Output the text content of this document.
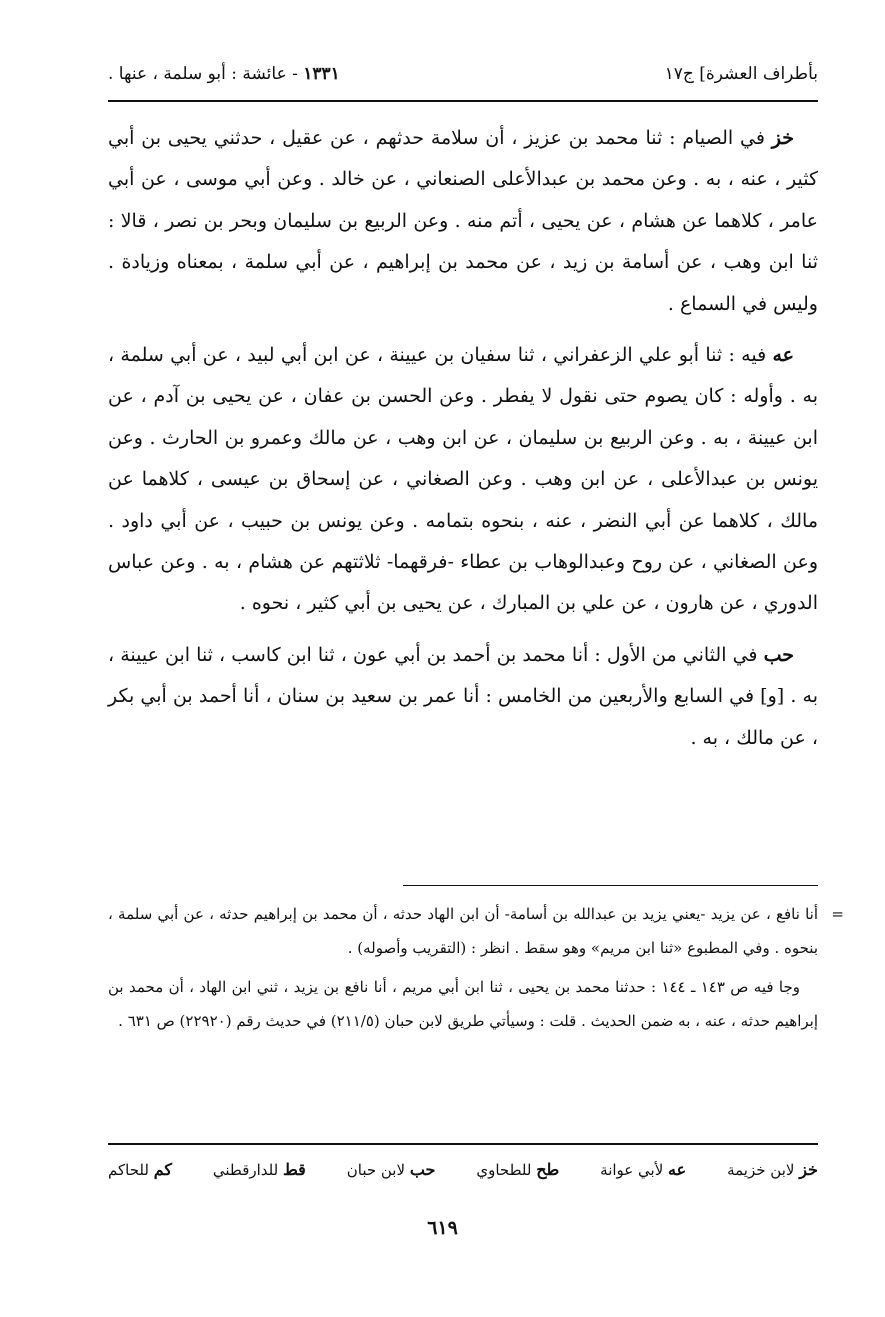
بأطراف العشرة] ج١٧
١٣٣١ - عائشة : أبو سلمة ، عنها .

خز في الصيام : ثنا محمد بن عزيز ، أن سلامة حدثهم ، عن عقيل ، حدثني يحيى بن أبي كثير ، عنه ، به . وعن محمد بن عبدالأعلى الصنعاني ، عن خالد . وعن أبي موسى ، عن أبي عامر ، كلاهما عن هشام ، عن يحيى ، أتم منه . وعن الربيع بن سليمان وبحر بن نصر ، قالا : ثنا ابن وهب ، عن أسامة بن زيد ، عن محمد بن إبراهيم ، عن أبي سلمة ، بمعناه وزيادة . وليس في السماع .

عه فيه : ثنا أبو علي الزعفراني ، ثنا سفيان بن عيينة ، عن ابن أبي لبيد ، عن أبي سلمة ، به . وأوله : كان يصوم حتى نقول لا يفطر . وعن الحسن بن عفان ، عن يحيى بن آدم ، عن ابن عيينة ، به . وعن الربيع بن سليمان ، عن ابن وهب ، عن مالك وعمرو بن الحارث . وعن يونس بن عبدالأعلى ، عن ابن وهب . وعن الصغاني ، عن إسحاق بن عيسى ، كلاهما عن مالك ، كلاهما عن أبي النضر ، عنه ، بنحوه بتمامه . وعن يونس بن حبيب ، عن أبي داود . وعن الصغاني ، عن روح وعبدالوهاب بن عطاء -فرقهما- ثلاثتهم عن هشام ، به . وعن عباس الدوري ، عن هارون ، عن علي بن المبارك ، عن يحيى بن أبي كثير ، نحوه .

حب في الثاني من الأول : أنا محمد بن أحمد بن أبي عون ، ثنا ابن كاسب ، ثنا ابن عيينة ، به . [و] في السابع والأربعين من الخامس : أنا عمر بن سعيد بن سنان ، أنا أحمد بن أبي بكر ، عن مالك ، به .

=
أنا نافع ، عن يزيد -يعني يزيد بن عبدالله بن أسامة- أن ابن الهاد حدثه ، أن محمد بن إبراهيم حدثه ، عن أبي سلمة ، بنحوه . وفي المطبوع «ثنا ابن مريم» وهو سقط . انظر : (التقريب وأصوله) .

وجا فيه ص ١٤٣ ـ ١٤٤ : حدثنا محمد بن يحيى ، ثنا ابن أبي مريم ، أنا نافع بن يزيد ، ثني ابن الهاد ، أن محمد بن إبراهيم حدثه ، عنه ، به ضمن الحديث . قلت : وسيأتي طريق لابن حبان (٢١١/٥) في حديث رقم (٢٢٩٢٠) ص ٦٣١ .

خز لابن خزيمة عه لأبي عوانة طح للطحاوي حب لابن حبان قط للدارقطني كم للحاكم
٦١٩
